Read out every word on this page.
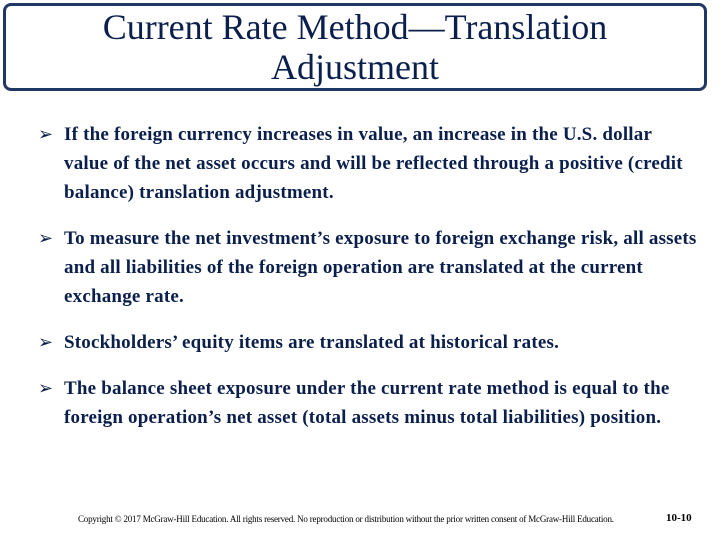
Current Rate Method—Translation
Adjustment
➢ If the foreign currency increases in value, an increase in the U.S. dollar value of the net asset occurs and will be reflected through a positive (credit balance) translation adjustment.
➢ To measure the net investment’s exposure to foreign exchange risk, all assets and all liabilities of the foreign operation are translated at the current exchange rate.
➢ Stockholders’ equity items are translated at historical rates.
➢ The balance sheet exposure under the current rate method is equal to the foreign operation’s net asset (total assets minus total liabilities) position.
Copyright © 2017 McGraw-Hill Education. All rights reserved. No reproduction or distribution without the prior written consent of McGraw-Hill Education.	10-10
